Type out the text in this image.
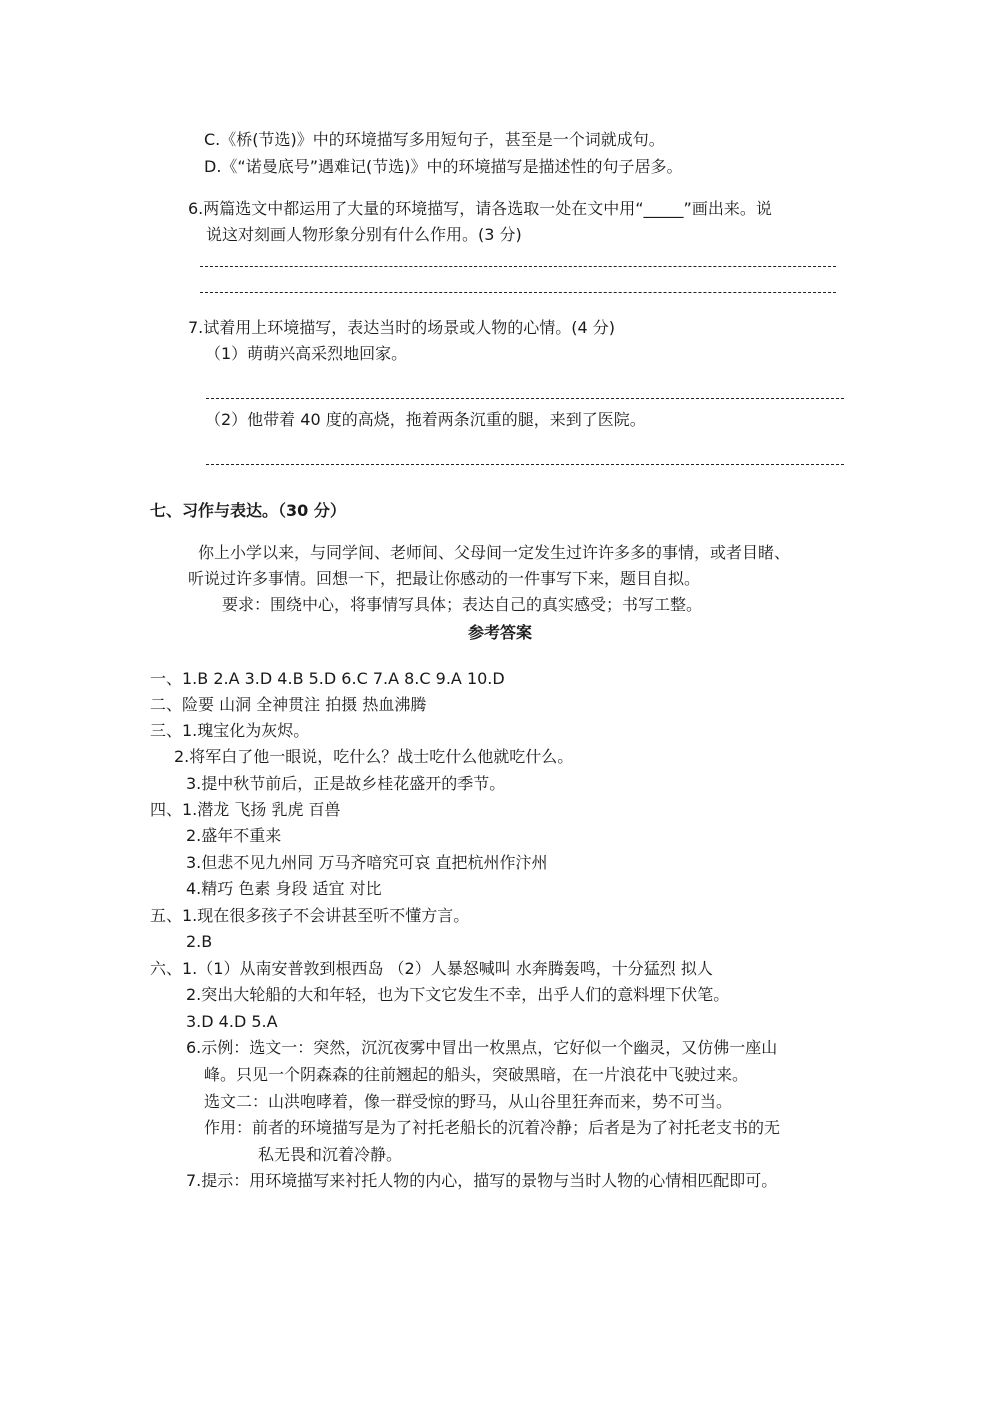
C.《桥(节选)》中的环境描写多用短句子，甚至是一个词就成句。
D.《“诺曼底号”遇难记(节选)》中的环境描写是描述性的句子居多。
6.两篇选文中都运用了大量的环境描写，请各选取一处在文中用“_____”画出来。说
说这对刻画人物形象分别有什么作用。(3 分)
7.试着用上环境描写，表达当时的场景或人物的心情。(4 分)
（1）萌萌兴高采烈地回家。
（2）他带着 40 度的高烧，拖着两条沉重的腿，来到了医院。
七、习作与表达。（30 分）
你上小学以来，与同学间、老师间、父母间一定发生过许许多多的事情，或者目睹、
听说过许多事情。回想一下，把最让你感动的一件事写下来，题目自拟。
要求：围绕中心，将事情写具体；表达自己的真实感受；书写工整。
参考答案
一、1.B 2.A 3.D 4.B 5.D 6.C 7.A 8.C 9.A 10.D
二、险要 山洞 全神贯注 拍摄 热血沸腾
三、1.瑰宝化为灰烬。
2.将军白了他一眼说，吃什么？战士吃什么他就吃什么。
3.提中秋节前后，正是故乡桂花盛开的季节。
四、1.潜龙 飞扬 乳虎 百兽
2.盛年不重来
3.但悲不见九州同 万马齐喑究可哀 直把杭州作汴州
4.精巧 色素 身段 适宜 对比
五、1.现在很多孩子不会讲甚至听不懂方言。
2.B
六、1.（1）从南安普敦到根西岛 （2）人暴怒喊叫 水奔腾轰鸣，十分猛烈 拟人
2.突出大轮船的大和年轻，也为下文它发生不幸，出乎人们的意料埋下伏笔。
3.D 4.D 5.A
6.示例：选文一：突然，沉沉夜雾中冒出一枚黑点，它好似一个幽灵，又仿佛一座山
峰。只见一个阴森森的往前翘起的船头，突破黑暗，在一片浪花中飞驶过来。
选文二：山洪咆哮着，像一群受惊的野马，从山谷里狂奔而来，势不可当。
作用：前者的环境描写是为了衬托老船长的沉着冷静；后者是为了衬托老支书的无
私无畏和沉着冷静。
7.提示：用环境描写来衬托人物的内心，描写的景物与当时人物的心情相匹配即可。
